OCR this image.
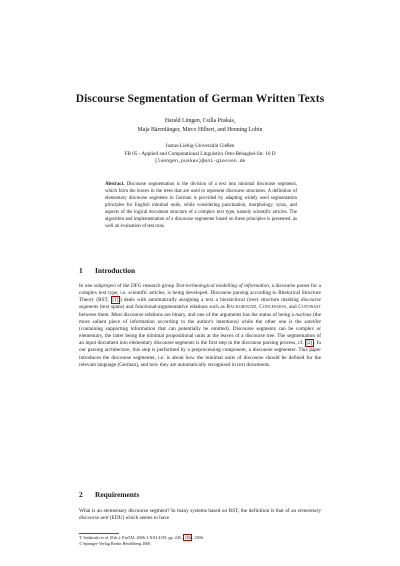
Discourse Segmentation of German Written Texts
Harald Lüngen, Csilla Puskás,
Maja Bärenfänger, Mirco Hilbert, and Henning Lobin
Justus-Liebig-Universität Gießen
FB 05 - Applied and Computational Linguistics Otto-Behaghel-Str. 10 D
{luengen,puskas}@uni-giessen.de
Abstract. Discourse segmentation is the division of a text into minimal discourse segments, which form the leaves in the trees that are used to represent discourse structures. A definition of elementary discourse segments in German is provided by adapting widely used segmentation principles for English minimal units, while considering punctuation, morphology, sytax, and aspects of the logical document structure of a complex text type, namely scientific articles. The algorithm and implementation of a discourse segmenter based on these principles is presented, as well an evaluation of test runs.
1 Introduction

In one subproject of the DFG research group Text-technological modelling of information, a discourse parser for a complex text type, i.e. scientific articles, is being developed. Discourse parsing according to Rhetorical Structure Theory (RST, [1] ) deals with automatically assigning a text a hierarchical (tree) structure marking discourse segments (text spans) and functional-argumentative relations such as Background, Concession, and Contrast between them. Most discourse relations are binary, and one of the arguments has the status of being a nucleus (the more salient piece of information according to the author's intentions) while the other one is the satellite (containing supporting information that can potentially be omitted). Discourse segments can be complex or elementary, the latter being the minimal propositional units at the leaves of a discourse tree. The segmentation of an input document into elementary discourse segments is the first step in the discourse parsing process, cf. [2] . In our parsing architecture, this step is performed by a preprocessing component, a discourse segmenter. This paper introduces the discourse segmenter, i.e. is about how the minimal units of discourse should be defined for the relevant language (German), and how they are automatically recognised in text documents.

2 Requirements

What is an elementary discourse segment? In many systems based on RST, the definition is that of an elementary discourse unit (EDU) which seems to have

T. Salakoski et al. (Eds.): FinTAL 2006, LNAI 4139, pp. 245– 256 , 2006.
© Springer-Verlag Berlin Heidelberg 2006
